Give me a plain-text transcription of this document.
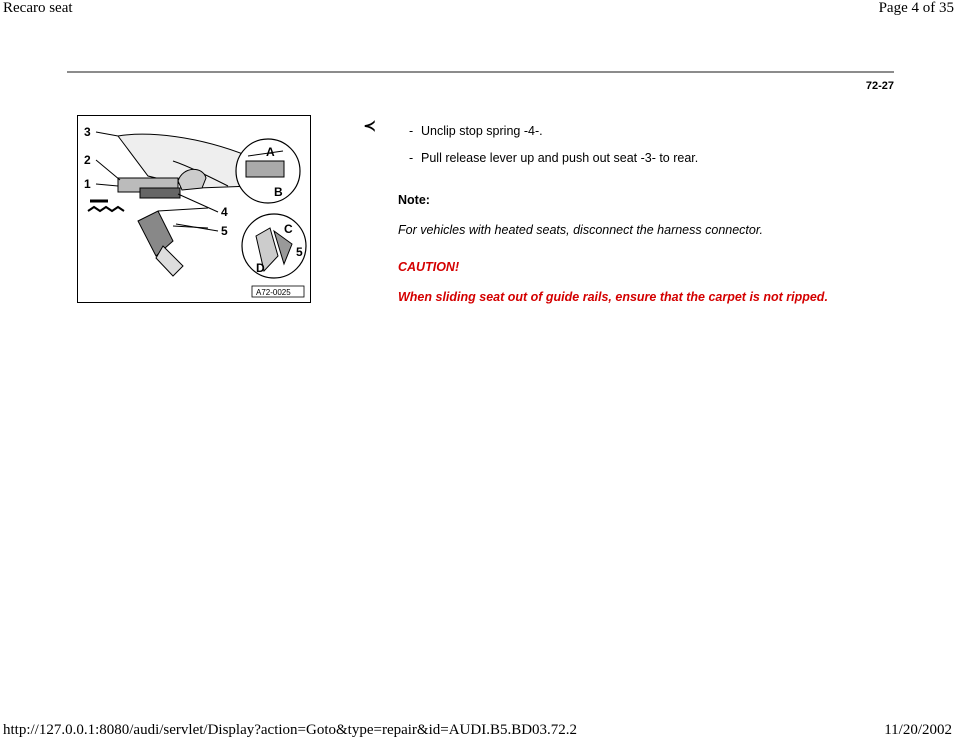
Recaro seat	Page 4 of 35
72-27
3
2
1
4
5
A
B
C
D
5
A72-0025
≺	- Unclip stop spring -4-.
- Pull release lever up and push out seat -3- to rear.
Note:
For vehicles with heated seats, disconnect the harness connector.
CAUTION!
When sliding seat out of guide rails, ensure that the carpet is not ripped.
http://127.0.0.1:8080/audi/servlet/Display?action=Goto&type=repair&id=AUDI.B5.BD03.72.2	11/20/2002
